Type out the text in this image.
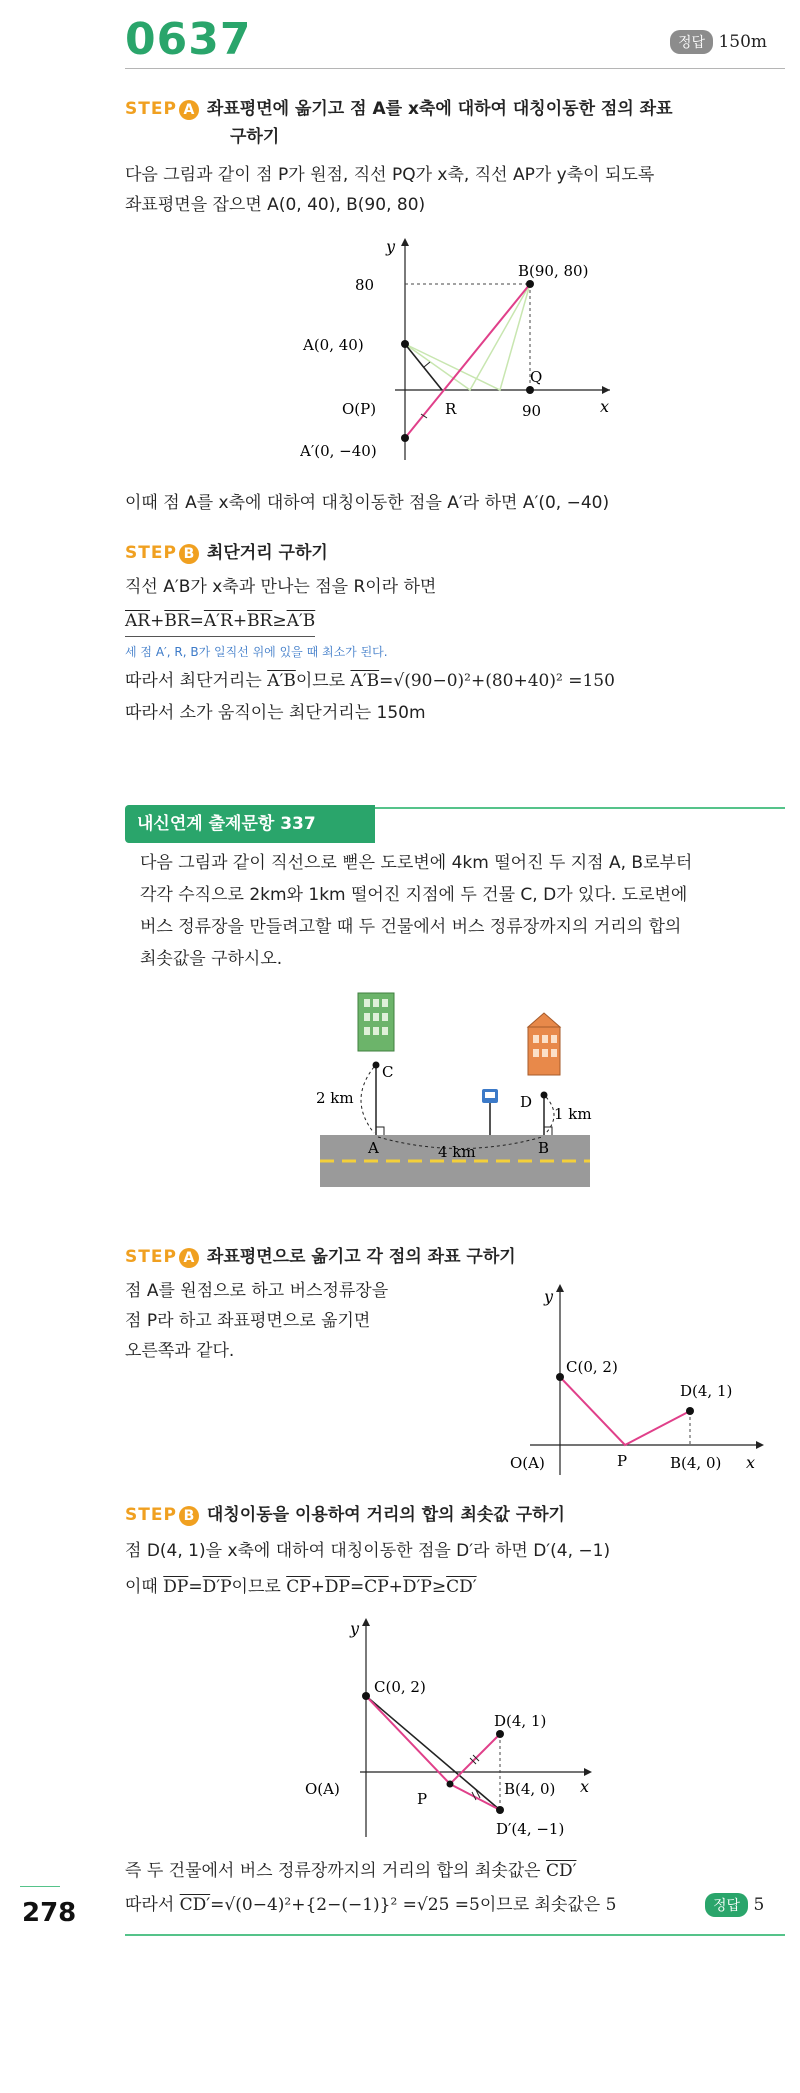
0637	정답 150m
STEP A 좌표평면에 옮기고 점 A를 x축에 대하여 대칭이동한 점의 좌표
구하기
다음 그림과 같이 점 P가 원점, 직선 PQ가 x축, 직선 AP가 y축이 되도록
좌표평면을 잡으면 A(0, 40), B(90, 80)
y
x
80
90
A(0, 40)
B(90, 80)
Q
O(P)	R
A′(0, −40)
이때 점 A를 x축에 대하여 대칭이동한 점을 A′라 하면 A′(0, −40)
STEP B 최단거리 구하기
직선 A′B가 x축과 만나는 점을 R이라 하면
$\overline{AR}+\overline{BR}=A'R+\overline{BR}\ge A'B$
세 점 A′, R, B가 일직선 위에 있을 때 최소가 된다.
따라서 최단거리는 A′B이므로 A′B=√(90−0)²+(80+40)² =150
따라서 소가 움직이는 최단거리는 150m
내신연계 출제문항 337
다음 그림과 같이 직선으로 뻗은 도로변에 4km 떨어진 두 지점 A, B로부터
각각 수직으로 2km와 1km 떨어진 지점에 두 건물 C, D가 있다. 도로변에
버스 정류장을 만들려고할 때 두 건물에서 버스 정류장까지의 거리의 합의
최솟값을 구하시오.
C
D
A	B
2 km
1 km
4 km
STEP A 좌표평면으로 옮기고 각 점의 좌표 구하기
점 A를 원점으로 하고 버스정류장을
점 P라 하고 좌표평면으로 옮기면
오른쪽과 같다.
y
x
C(0, 2)
D(4, 1)
O(A)	P	B(4, 0)
STEP B 대칭이동을 이용하여 거리의 합의 최솟값 구하기
점 D(4, 1)을 x축에 대하여 대칭이동한 점을 D′라 하면 D′(4, −1)
이때 $\overline{DP}=D'P$이므로 $\overline{CP}+\overline{DP}=\overline{CP}+D'P\ge CD'$
y
x
C(0, 2)
D(4, 1)
O(A)
P
B(4, 0)
D′(4, −1)
즉 두 건물에서 버스 정류장까지의 거리의 합의 최솟값은 CD′
따라서 CD′=√(0−4)²+{2−(−1)}² =√25 =5이므로 최솟값은 5	정답 5
278
